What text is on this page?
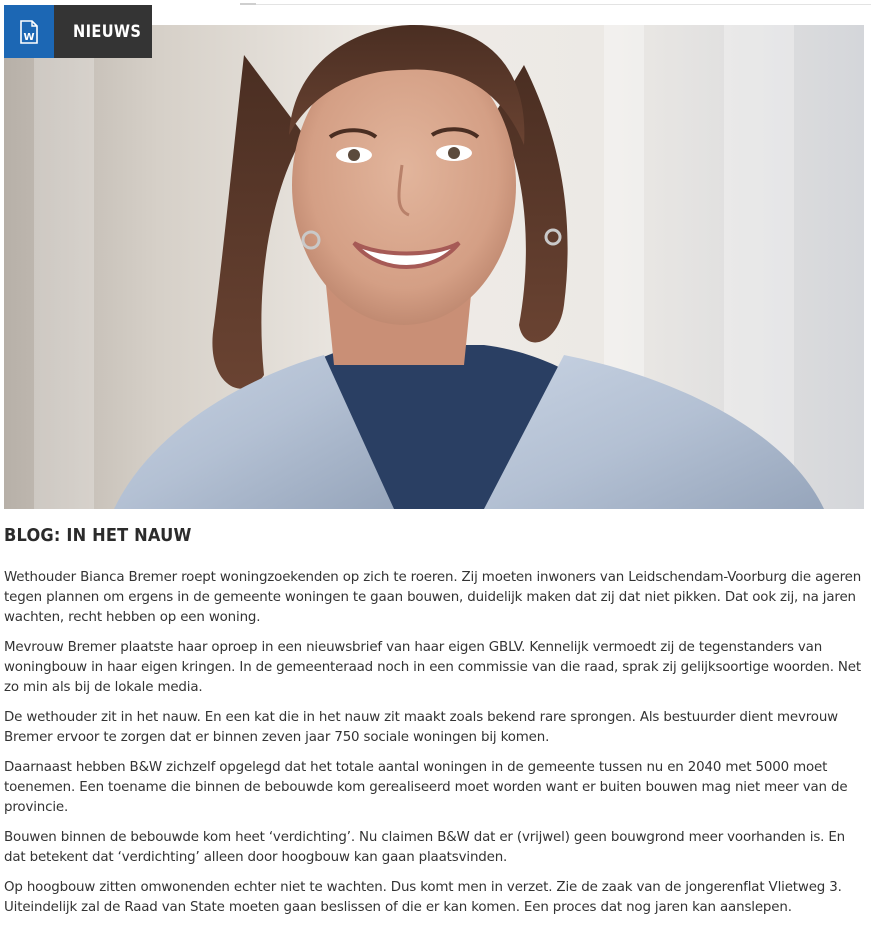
W NIEUWS
BLOG: IN HET NAUW

Wethouder Bianca Bremer roept woningzoekenden op zich te roeren. Zij moeten inwoners van Leidschendam-Voorburg die ageren tegen plannen om ergens in de gemeente woningen te gaan bouwen, duidelijk maken dat zij dat niet pikken. Dat ook zij, na jaren wachten, recht hebben op een woning.

Mevrouw Bremer plaatste haar oproep in een nieuwsbrief van haar eigen GBLV. Kennelijk vermoedt zij de tegenstanders van woningbouw in haar eigen kringen. In de gemeenteraad noch in een commissie van die raad, sprak zij gelijksoortige woorden. Net zo min als bij de lokale media.

De wethouder zit in het nauw. En een kat die in het nauw zit maakt zoals bekend rare sprongen. Als bestuurder dient mevrouw Bremer ervoor te zorgen dat er binnen zeven jaar 750 sociale woningen bij komen.

Daarnaast hebben B&W zichzelf opgelegd dat het totale aantal woningen in de gemeente tussen nu en 2040 met 5000 moet toenemen. Een toename die binnen de bebouwde kom gerealiseerd moet worden want er buiten bouwen mag niet meer van de provincie.

Bouwen binnen de bebouwde kom heet ‘verdichting’. Nu claimen B&W dat er (vrijwel) geen bouwgrond meer voorhanden is. En dat betekent dat ‘verdichting’ alleen door hoogbouw kan gaan plaatsvinden.

Op hoogbouw zitten omwonenden echter niet te wachten. Dus komt men in verzet. Zie de zaak van de jongerenflat Vlietweg 3. Uiteindelijk zal de Raad van State moeten gaan beslissen of die er kan komen. Een proces dat nog jaren kan aanslepen.
